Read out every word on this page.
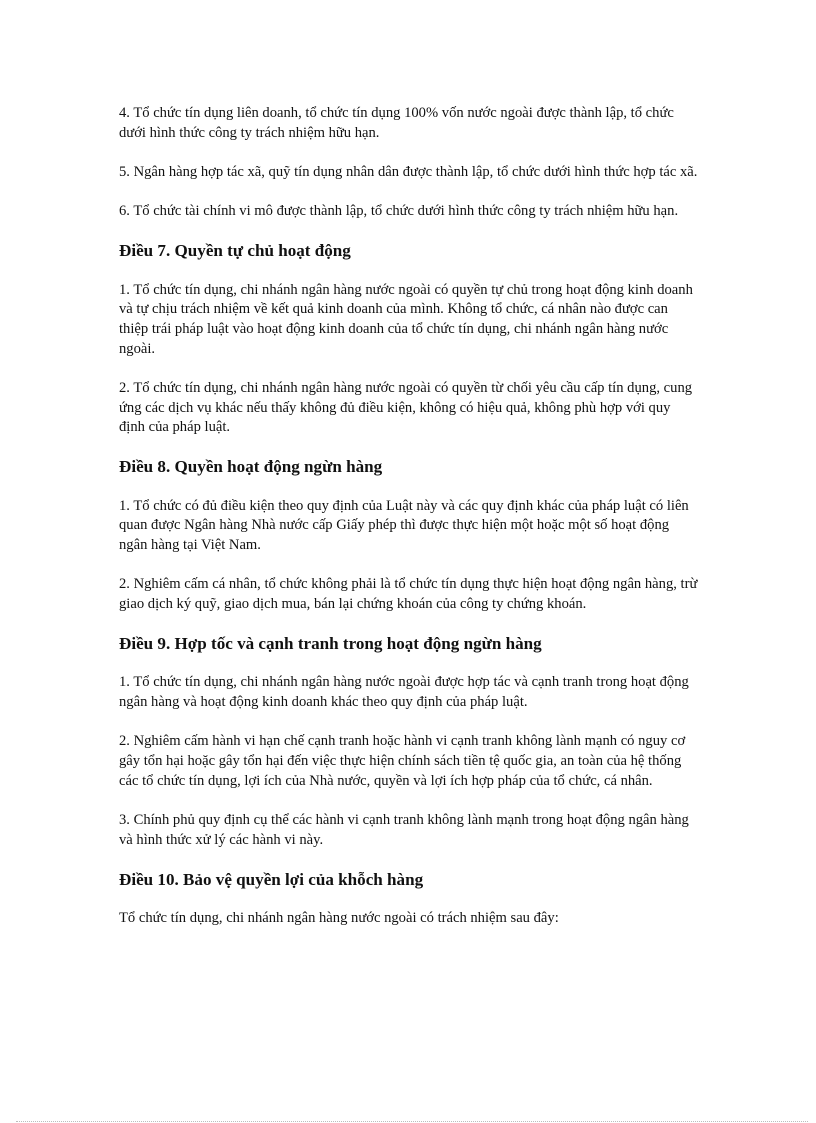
4. Tổ chức tín dụng liên doanh, tổ chức tín dụng 100% vốn nước ngoài được thành lập, tổ chức dưới hình thức công ty trách nhiệm hữu hạn.

5. Ngân hàng hợp tác xã, quỹ tín dụng nhân dân được thành lập, tổ chức dưới hình thức hợp tác xã.

6. Tổ chức tài chính vi mô được thành lập, tổ chức dưới hình thức công ty trách nhiệm hữu hạn.

Điều 7. Quyền tự chủ hoạt động

1. Tổ chức tín dụng, chi nhánh ngân hàng nước ngoài có quyền tự chủ trong hoạt động kinh doanh và tự chịu trách nhiệm về kết quả kinh doanh của mình. Không tổ chức, cá nhân nào được can thiệp trái pháp luật vào hoạt động kinh doanh của tổ chức tín dụng, chi nhánh ngân hàng nước ngoài.

2. Tổ chức tín dụng, chi nhánh ngân hàng nước ngoài có quyền từ chối yêu cầu cấp tín dụng, cung ứng các dịch vụ khác nếu thấy không đủ điều kiện, không có hiệu quả, không phù hợp với quy định của pháp luật.

Điều 8. Quyền hoạt động ngừn hàng

1. Tổ chức có đủ điều kiện theo quy định của Luật này và các quy định khác của pháp luật có liên quan được Ngân hàng Nhà nước cấp Giấy phép thì được thực hiện một hoặc một số hoạt động ngân hàng tại Việt Nam.

2. Nghiêm cấm cá nhân, tổ chức không phải là tổ chức tín dụng thực hiện hoạt động ngân hàng, trừ giao dịch ký quỹ, giao dịch mua, bán lại chứng khoán của công ty chứng khoán.

Điều 9. Hợp tốc và cạnh tranh trong hoạt động ngừn hàng

1. Tổ chức tín dụng, chi nhánh ngân hàng nước ngoài được hợp tác và cạnh tranh trong hoạt động ngân hàng và hoạt động kinh doanh khác theo quy định của pháp luật.

2. Nghiêm cấm hành vi hạn chế cạnh tranh hoặc hành vi cạnh tranh không lành mạnh có nguy cơ gây tổn hại hoặc gây tổn hại đến việc thực hiện chính sách tiền tệ quốc gia, an toàn của hệ thống các tổ chức tín dụng, lợi ích của Nhà nước, quyền và lợi ích hợp pháp của tổ chức, cá nhân.

3. Chính phủ quy định cụ thể các hành vi cạnh tranh không lành mạnh trong hoạt động ngân hàng và hình thức xử lý các hành vi này.

Điều 10. Bảo vệ quyền lợi của khỗch hàng

Tổ chức tín dụng, chi nhánh ngân hàng nước ngoài có trách nhiệm sau đây:
